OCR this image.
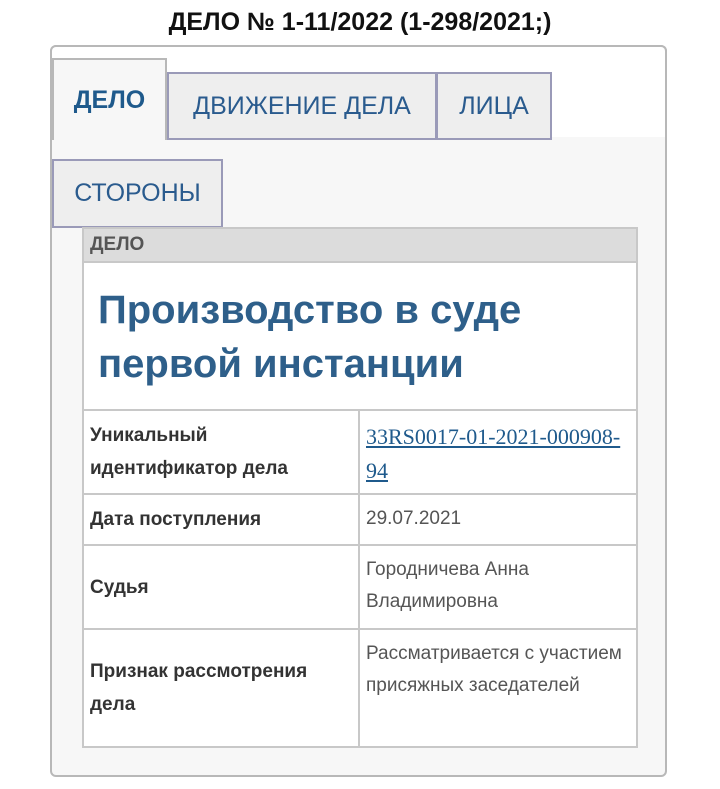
ДЕЛО № 1-11/2022 (1-298/2021;)
ДЕЛО ДВИЖЕНИЕ ДЕЛА ЛИЦА
СТОРОНЫ
ДЕЛО
Производство в суде первой инстанции
Уникальный идентификатор дела
33RS0017-01-2021-000908-94
Дата поступления	29.07.2021
Судья
Городничева Анна Владимировна
Признак рассмотрения дела
Рассматривается с участием присяжных заседателей
